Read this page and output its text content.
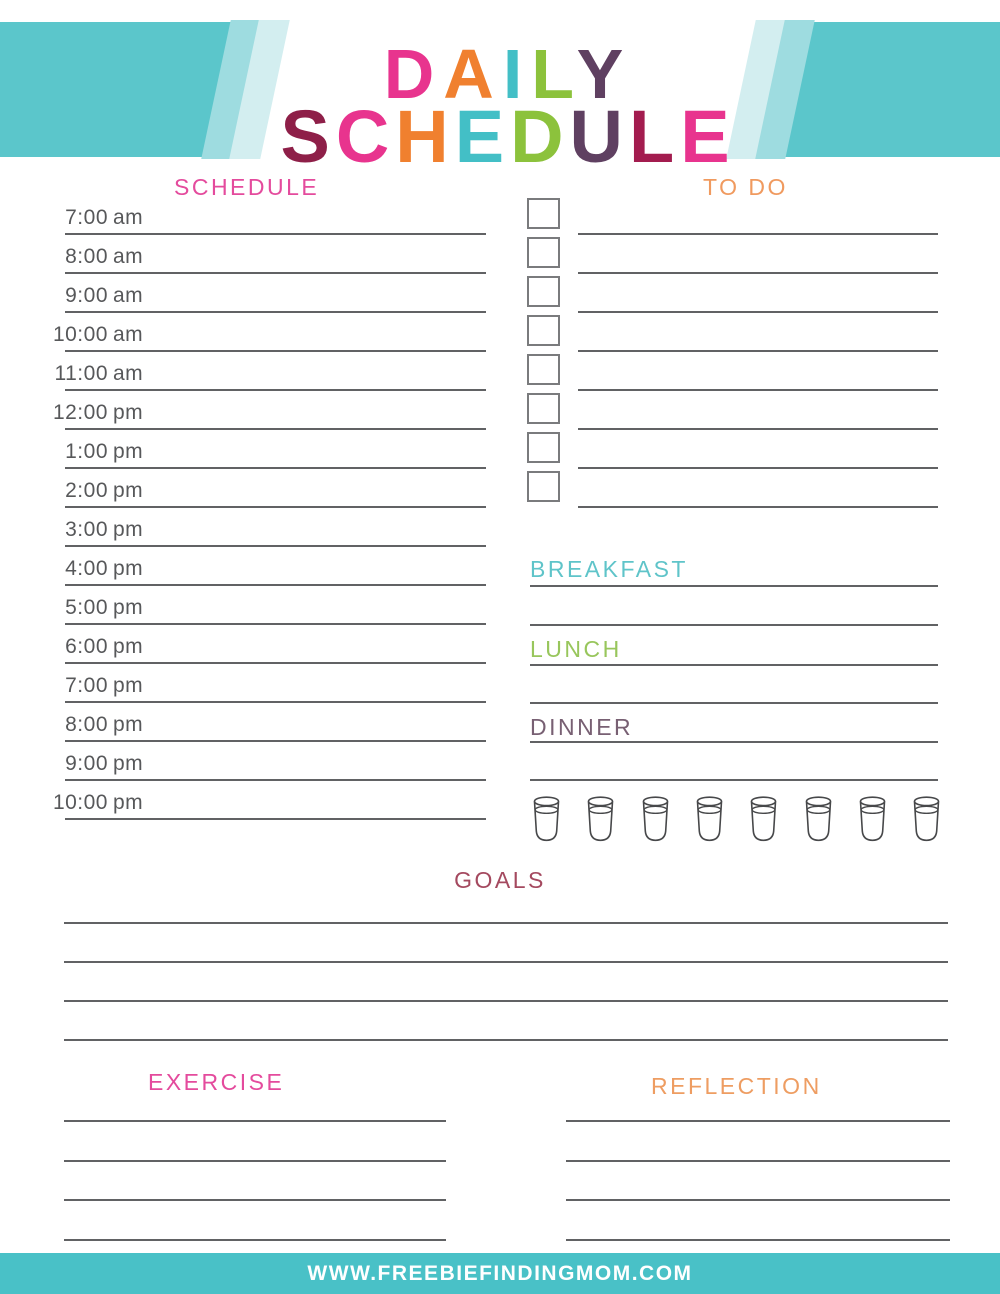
DAILY
SCHEDULE
SCHEDULE	TO DO
BREAKFAST
LUNCH
DINNER
GOALS
EXERCISE	REFLECTION
WWW.FREEBIEFINDINGMOM.COM
7:00 am
8:00 am
9:00 am
10:00 am
11:00 am
12:00 pm
1:00 pm
2:00 pm
3:00 pm
4:00 pm
5:00 pm
6:00 pm
7:00 pm
8:00 pm
9:00 pm
10:00 pm
